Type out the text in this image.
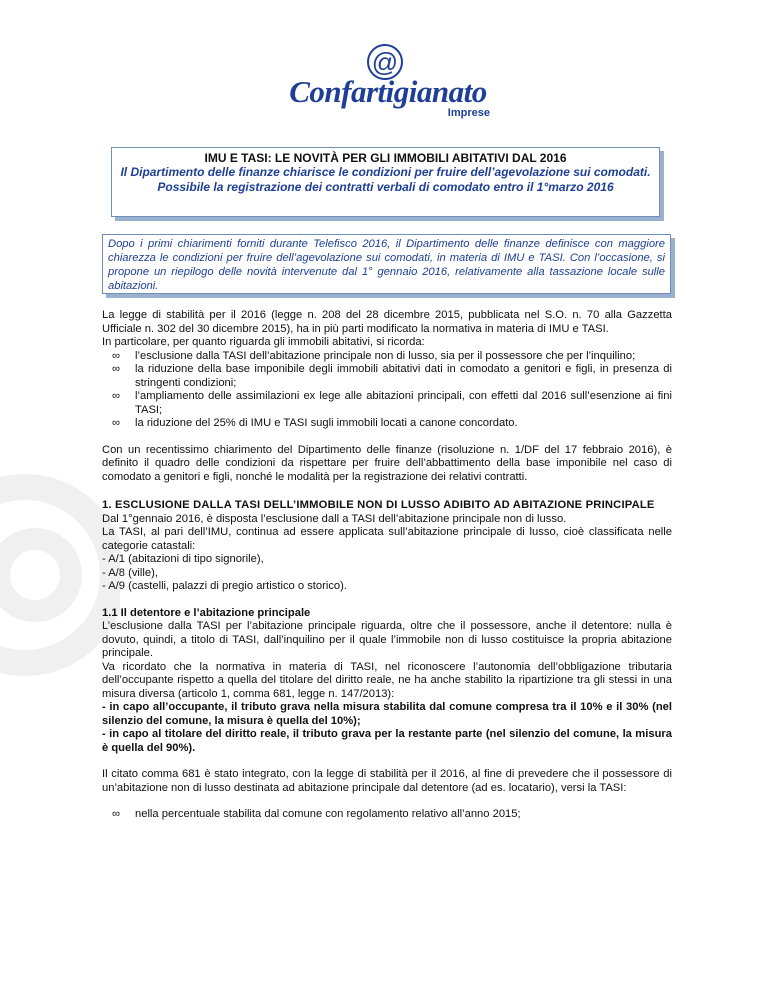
@
Confartigianato
Imprese
IMU E TASI: LE NOVITÀ PER GLI IMMOBILI ABITATIVI DAL 2016
Il Dipartimento delle finanze chiarisce le condizioni per fruire dell’agevolazione sui comodati. Possibile la registrazione dei contratti verbali di comodato entro il 1°marzo 2016
Dopo i primi chiarimenti forniti durante Telefisco 2016, il Dipartimento delle finanze definisce con maggiore chiarezza le condizioni per fruire dell’agevolazione sui comodati, in materia di IMU e TASI. Con l’occasione, si propone un riepilogo delle novità intervenute dal 1° gennaio 2016, relativamente alla tassazione locale sulle abitazioni.

La legge di stabilità per il 2016 (legge n. 208 del 28 dicembre 2015, pubblicata nel S.O. n. 70 alla Gazzetta Ufficiale n. 302 del 30 dicembre 2015), ha in più parti modificato la normativa in materia di IMU e TASI.

In particolare, per quanto riguarda gli immobili abitativi, si ricorda:

∞ l’esclusione dalla TASI dell’abitazione principale non di lusso, sia per il possessore che per l’inquilino;
∞ la riduzione della base imponibile degli immobili abitativi dati in comodato a genitori e figli, in presenza di stringenti condizioni;
∞ l’ampliamento delle assimilazioni ex lege alle abitazioni principali, con effetti dal 2016 sull’esenzione ai fini TASI;
∞ la riduzione del 25% di IMU e TASI sugli immobili locati a canone concordato.

Con un recentissimo chiarimento del Dipartimento delle finanze (risoluzione n. 1/DF del 17 febbraio 2016), è definito il quadro delle condizioni da rispettare per fruire dell’abbattimento della base imponibile nel caso di comodato a genitori e figli, nonché le modalità per la registrazione dei relativi contratti.

1. ESCLUSIONE DALLA TASI DELL’IMMOBILE NON DI LUSSO ADIBITO AD ABITAZIONE PRINCIPALE

Dal 1°gennaio 2016, è disposta l’esclusione dall a TASI dell’abitazione principale non di lusso.

La TASI, al pari dell’IMU, continua ad essere applicata sull’abitazione principale di lusso, cioè classificata nelle categorie catastali:

- A/1 (abitazioni di tipo signorile),

- A/8 (ville),

- A/9 (castelli, palazzi di pregio artistico o storico).

1.1 Il detentore e l’abitazione principale

L’esclusione dalla TASI per l’abitazione principale riguarda, oltre che il possessore, anche il detentore: nulla è dovuto, quindi, a titolo di TASI, dall’inquilino per il quale l’immobile non di lusso costituisce la propria abitazione principale.

Va ricordato che la normativa in materia di TASI, nel riconoscere l’autonomia dell’obbligazione tributaria dell’occupante rispetto a quella del titolare del diritto reale, ne ha anche stabilito la ripartizione tra gli stessi in una misura diversa (articolo 1, comma 681, legge n. 147/2013):

- in capo all’occupante, il tributo grava nella misura stabilita dal comune compresa tra il 10% e il 30% (nel silenzio del comune, la misura è quella del 10%);

- in capo al titolare del diritto reale, il tributo grava per la restante parte (nel silenzio del comune, la misura è quella del 90%).

Il citato comma 681 è stato integrato, con la legge di stabilità per il 2016, al fine di prevedere che il possessore di un’abitazione non di lusso destinata ad abitazione principale dal detentore (ad es. locatario), versi la TASI:

∞ nella percentuale stabilita dal comune con regolamento relativo all’anno 2015;
